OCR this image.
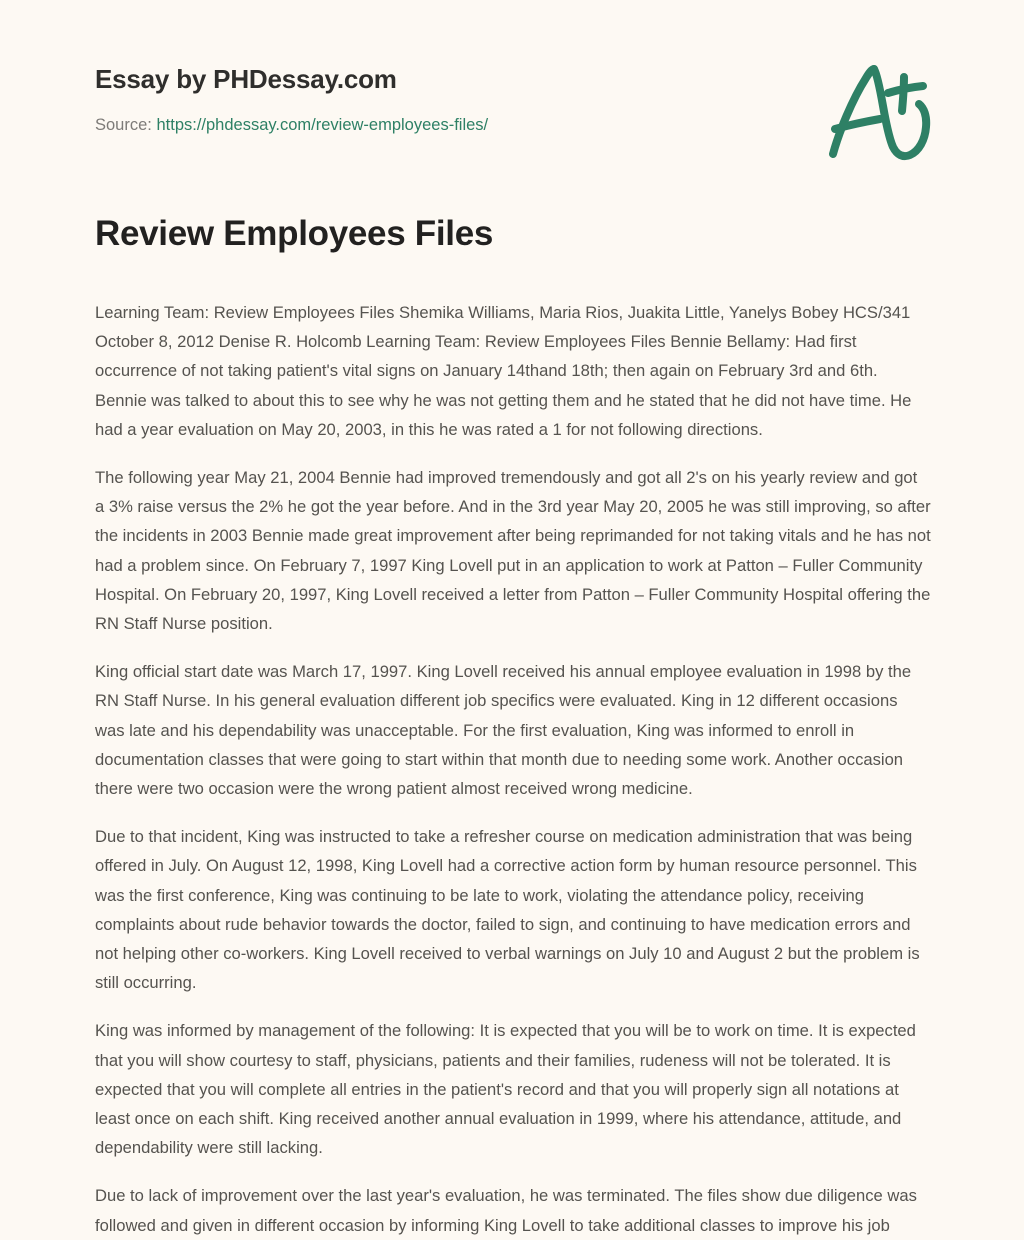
Essay by PHDessay.com
Source: https://phdessay.com/review-employees-files/
Review Employees Files

Learning Team: Review Employees Files Shemika Williams, Maria Rios, Juakita Little, Yanelys Bobey HCS/341 October 8, 2012 Denise R. Holcomb Learning Team: Review Employees Files Bennie Bellamy: Had first occurrence of not taking patient's vital signs on January 14thand 18th; then again on February 3rd and 6th. Bennie was talked to about this to see why he was not getting them and he stated that he did not have time. He had a year evaluation on May 20, 2003, in this he was rated a 1 for not following directions.

The following year May 21, 2004 Bennie had improved tremendously and got all 2's on his yearly review and got a 3% raise versus the 2% he got the year before. And in the 3rd year May 20, 2005 he was still improving, so after the incidents in 2003 Bennie made great improvement after being reprimanded for not taking vitals and he has not had a problem since. On February 7, 1997 King Lovell put in an application to work at Patton – Fuller Community Hospital. On February 20, 1997, King Lovell received a letter from Patton – Fuller Community Hospital offering the RN Staff Nurse position.

King official start date was March 17, 1997. King Lovell received his annual employee evaluation in 1998 by the RN Staff Nurse. In his general evaluation different job specifics were evaluated. King in 12 different occasions was late and his dependability was unacceptable. For the first evaluation, King was informed to enroll in documentation classes that were going to start within that month due to needing some work. Another occasion there were two occasion were the wrong patient almost received wrong medicine.

Due to that incident, King was instructed to take a refresher course on medication administration that was being offered in July. On August 12, 1998, King Lovell had a corrective action form by human resource personnel. This was the first conference, King was continuing to be late to work, violating the attendance policy, receiving complaints about rude behavior towards the doctor, failed to sign, and continuing to have medication errors and not helping other co-workers. King Lovell received to verbal warnings on July 10 and August 2 but the problem is still occurring.

King was informed by management of the following: It is expected that you will be to work on time. It is expected that you will show courtesy to staff, physicians, patients and their families, rudeness will not be tolerated. It is expected that you will complete all entries in the patient's record and that you will properly sign all notations at least once on each shift. King received another annual evaluation in 1999, where his attendance, attitude, and dependability were still lacking.

Due to lack of improvement over the last year's evaluation, he was terminated. The files show due diligence was followed and given in different occasion by informing King Lovell to take additional classes to improve his job
